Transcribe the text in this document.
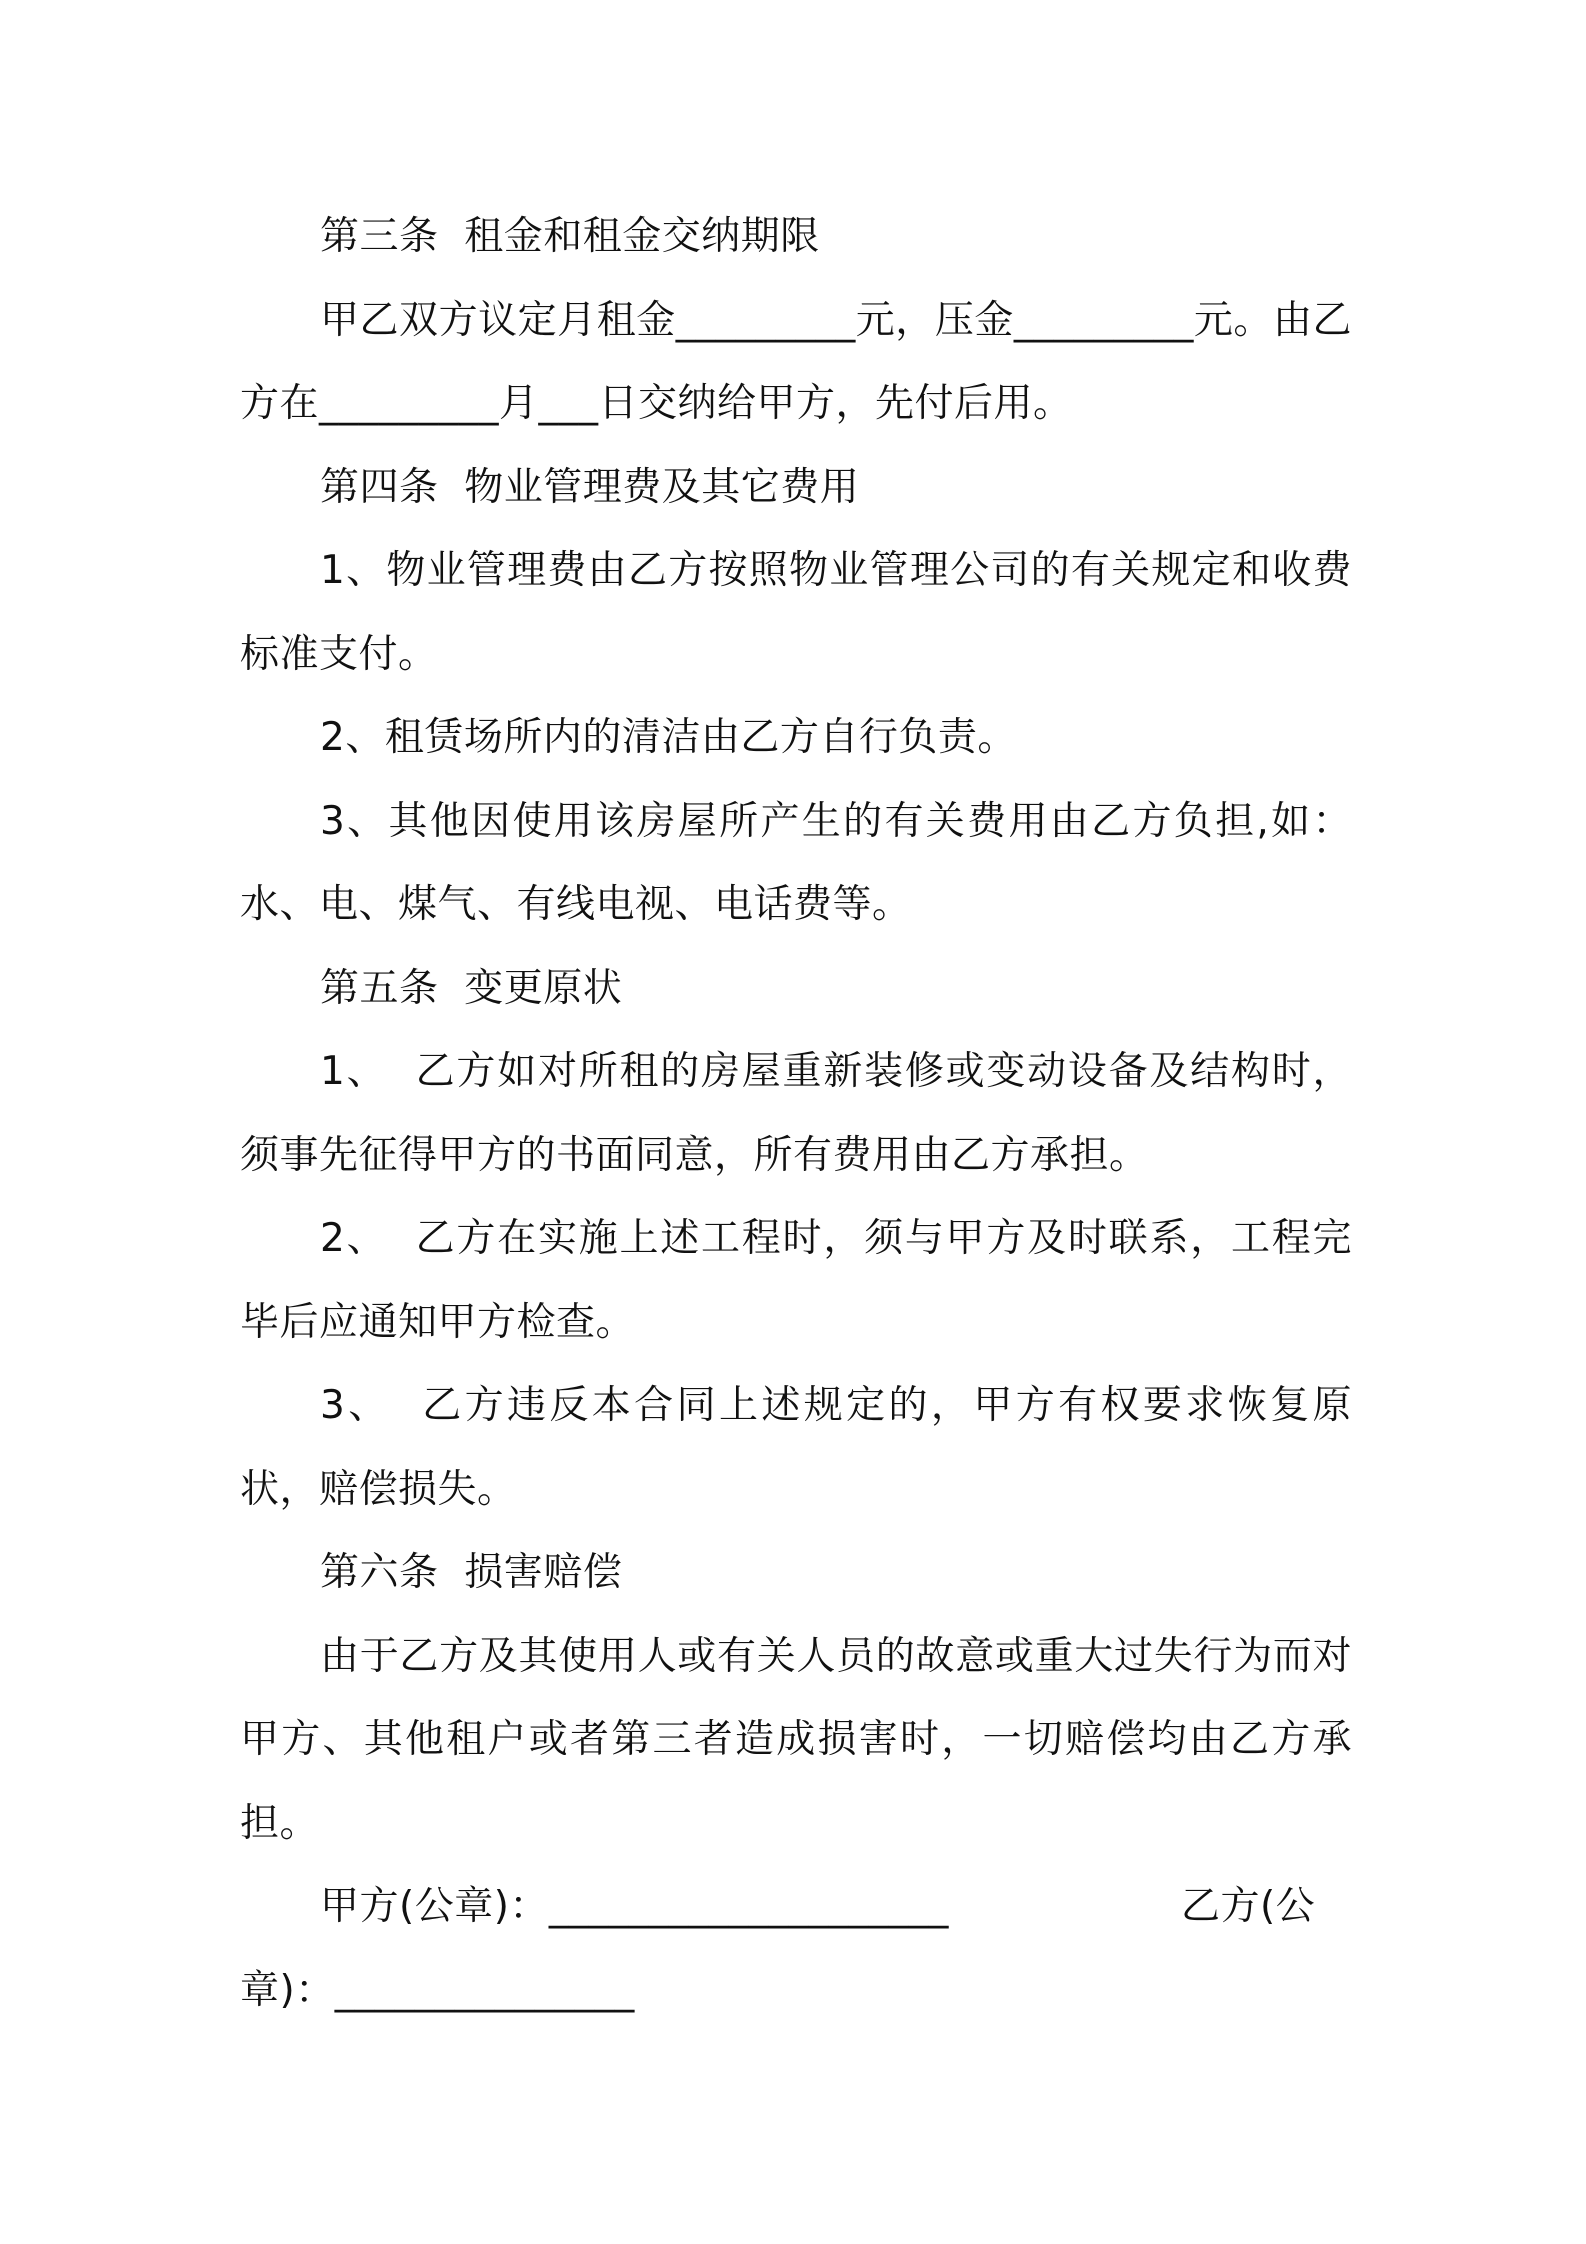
第三条  租金和租金交纳期限

甲乙双方议定月租金_________元，压金_________元。由乙方在_________月___日交纳给甲方，先付后用。

第四条  物业管理费及其它费用

1、物业管理费由乙方按照物业管理公司的有关规定和收费标准支付。

2、租赁场所内的清洁由乙方自行负责。

3、其他因使用该房屋所产生的有关费用由乙方负担,如：水、电、煤气、有线电视、电话费等。

第五条  变更原状

1、  乙方如对所租的房屋重新装修或变动设备及结构时，须事先征得甲方的书面同意，所有费用由乙方承担。

2、  乙方在实施上述工程时，须与甲方及时联系，工程完毕后应通知甲方检查。

3、  乙方违反本合同上述规定的，甲方有权要求恢复原状，赔偿损失。

第六条  损害赔偿

由于乙方及其使用人或有关人员的故意或重大过失行为而对甲方、其他租户或者第三者造成损害时，一切赔偿均由乙方承担。

甲方(公章)：____________________	乙方(公章)：_______________
